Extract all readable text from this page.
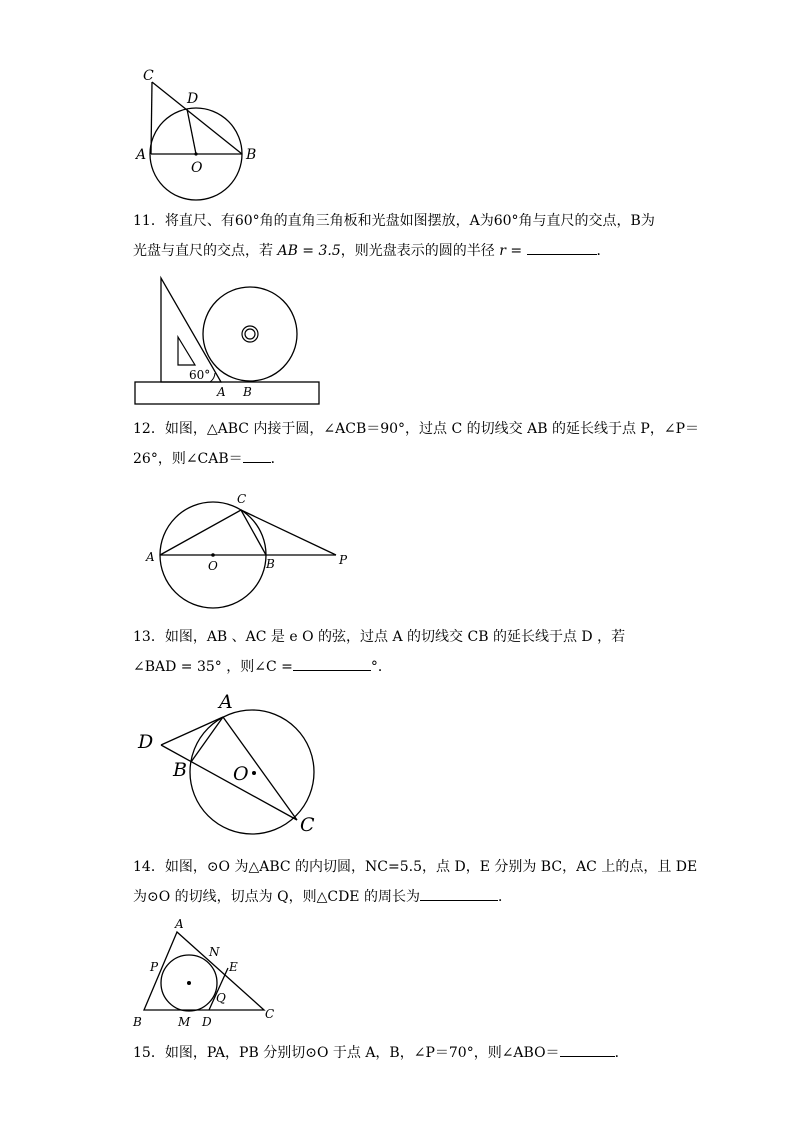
C
D
A
O
B
11．将直尺、有60°角的直角三角板和光盘如图摆放，A为60°角与直尺的交点，B为
光盘与直尺的交点，若 AB = 3.5，则光盘表示的圆的半径 r =	．
60°
A B
12．如图，△ABC 内接于圆，∠ACB＝90°，过点 C 的切线交 AB 的延长线于点 P，∠P＝
26°，则∠CAB＝ ．
A
O	B
C
P
13．如图，AB 、AC 是 e O 的弦，过点 A 的切线交 CB 的延长线于点 D ，若
∠BAD = 35° ，则∠C =	°．
A
D
B O
C
14．如图，⊙O 为△ABC 的内切圆，NC=5.5，点 D，E 分别为 BC，AC 上的点，且 DE
为⊙O 的切线，切点为 Q，则△CDE 的周长为	．
A
N
P	E
Q
B	M D
C
15．如图，PA，PB 分别切⊙O 于点 A，B，∠P＝70°，则∠ABO＝	．
